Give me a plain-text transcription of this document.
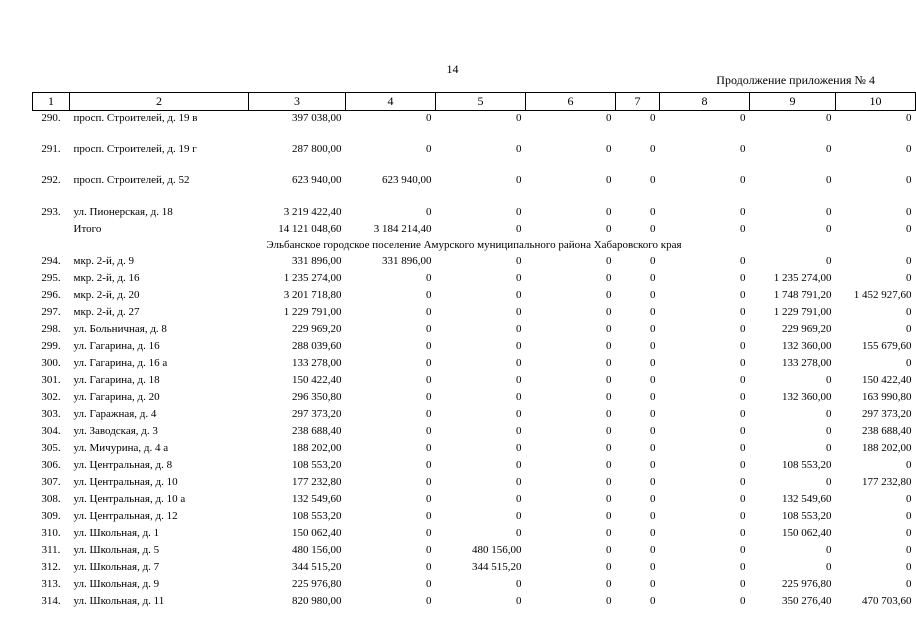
14
Продолжение приложения № 4
1	2	3	4	5	6	7	8	9	10
290.	просп. Строителей, д. 19 в	397 038,00	0	0	0	0	0	0	0
291.	просп. Строителей, д. 19 г	287 800,00	0	0	0	0	0	0	0
292.	просп. Строителей, д. 52	623 940,00	623 940,00	0	0	0	0	0	0
293.	ул. Пионерская, д. 18	3 219 422,40	0	0	0	0	0	0	0
	Итого	14 121 048,60	3 184 214,40	0	0	0	0	0	0
Эльбанское городское поселение Амурского муниципального района Хабаровского края									
294.	мкр. 2-й, д. 9	331 896,00	331 896,00	0	0	0	0	0	0
295.	мкр. 2-й, д. 16	1 235 274,00	0	0	0	0	0	1 235 274,00	0
296.	мкр. 2-й, д. 20	3 201 718,80	0	0	0	0	0	1 748 791,20	1 452 927,60
297.	мкр. 2-й, д. 27	1 229 791,00	0	0	0	0	0	1 229 791,00	0
298.	ул. Больничная, д. 8	229 969,20	0	0	0	0	0	229 969,20	0
299.	ул. Гагарина, д. 16	288 039,60	0	0	0	0	0	132 360,00	155 679,60
300.	ул. Гагарина, д. 16 а	133 278,00	0	0	0	0	0	133 278,00	0
301.	ул. Гагарина, д. 18	150 422,40	0	0	0	0	0	0	150 422,40
302.	ул. Гагарина, д. 20	296 350,80	0	0	0	0	0	132 360,00	163 990,80
303.	ул. Гаражная, д. 4	297 373,20	0	0	0	0	0	0	297 373,20
304.	ул. Заводская, д. 3	238 688,40	0	0	0	0	0	0	238 688,40
305.	ул. Мичурина, д. 4 а	188 202,00	0	0	0	0	0	0	188 202,00
306.	ул. Центральная, д. 8	108 553,20	0	0	0	0	0	108 553,20	0
307.	ул. Центральная, д. 10	177 232,80	0	0	0	0	0	0	177 232,80
308.	ул. Центральная, д. 10 а	132 549,60	0	0	0	0	0	132 549,60	0
309.	ул. Центральная, д. 12	108 553,20	0	0	0	0	0	108 553,20	0
310.	ул. Школьная, д. 1	150 062,40	0	0	0	0	0	150 062,40	0
311.	ул. Школьная, д. 5	480 156,00	0	480 156,00	0	0	0	0	0
312.	ул. Школьная, д. 7	344 515,20	0	344 515,20	0	0	0	0	0
313.	ул. Школьная, д. 9	225 976,80	0	0	0	0	0	225 976,80	0
314.	ул. Школьная, д. 11	820 980,00	0	0	0	0	0	350 276,40	470 703,60
